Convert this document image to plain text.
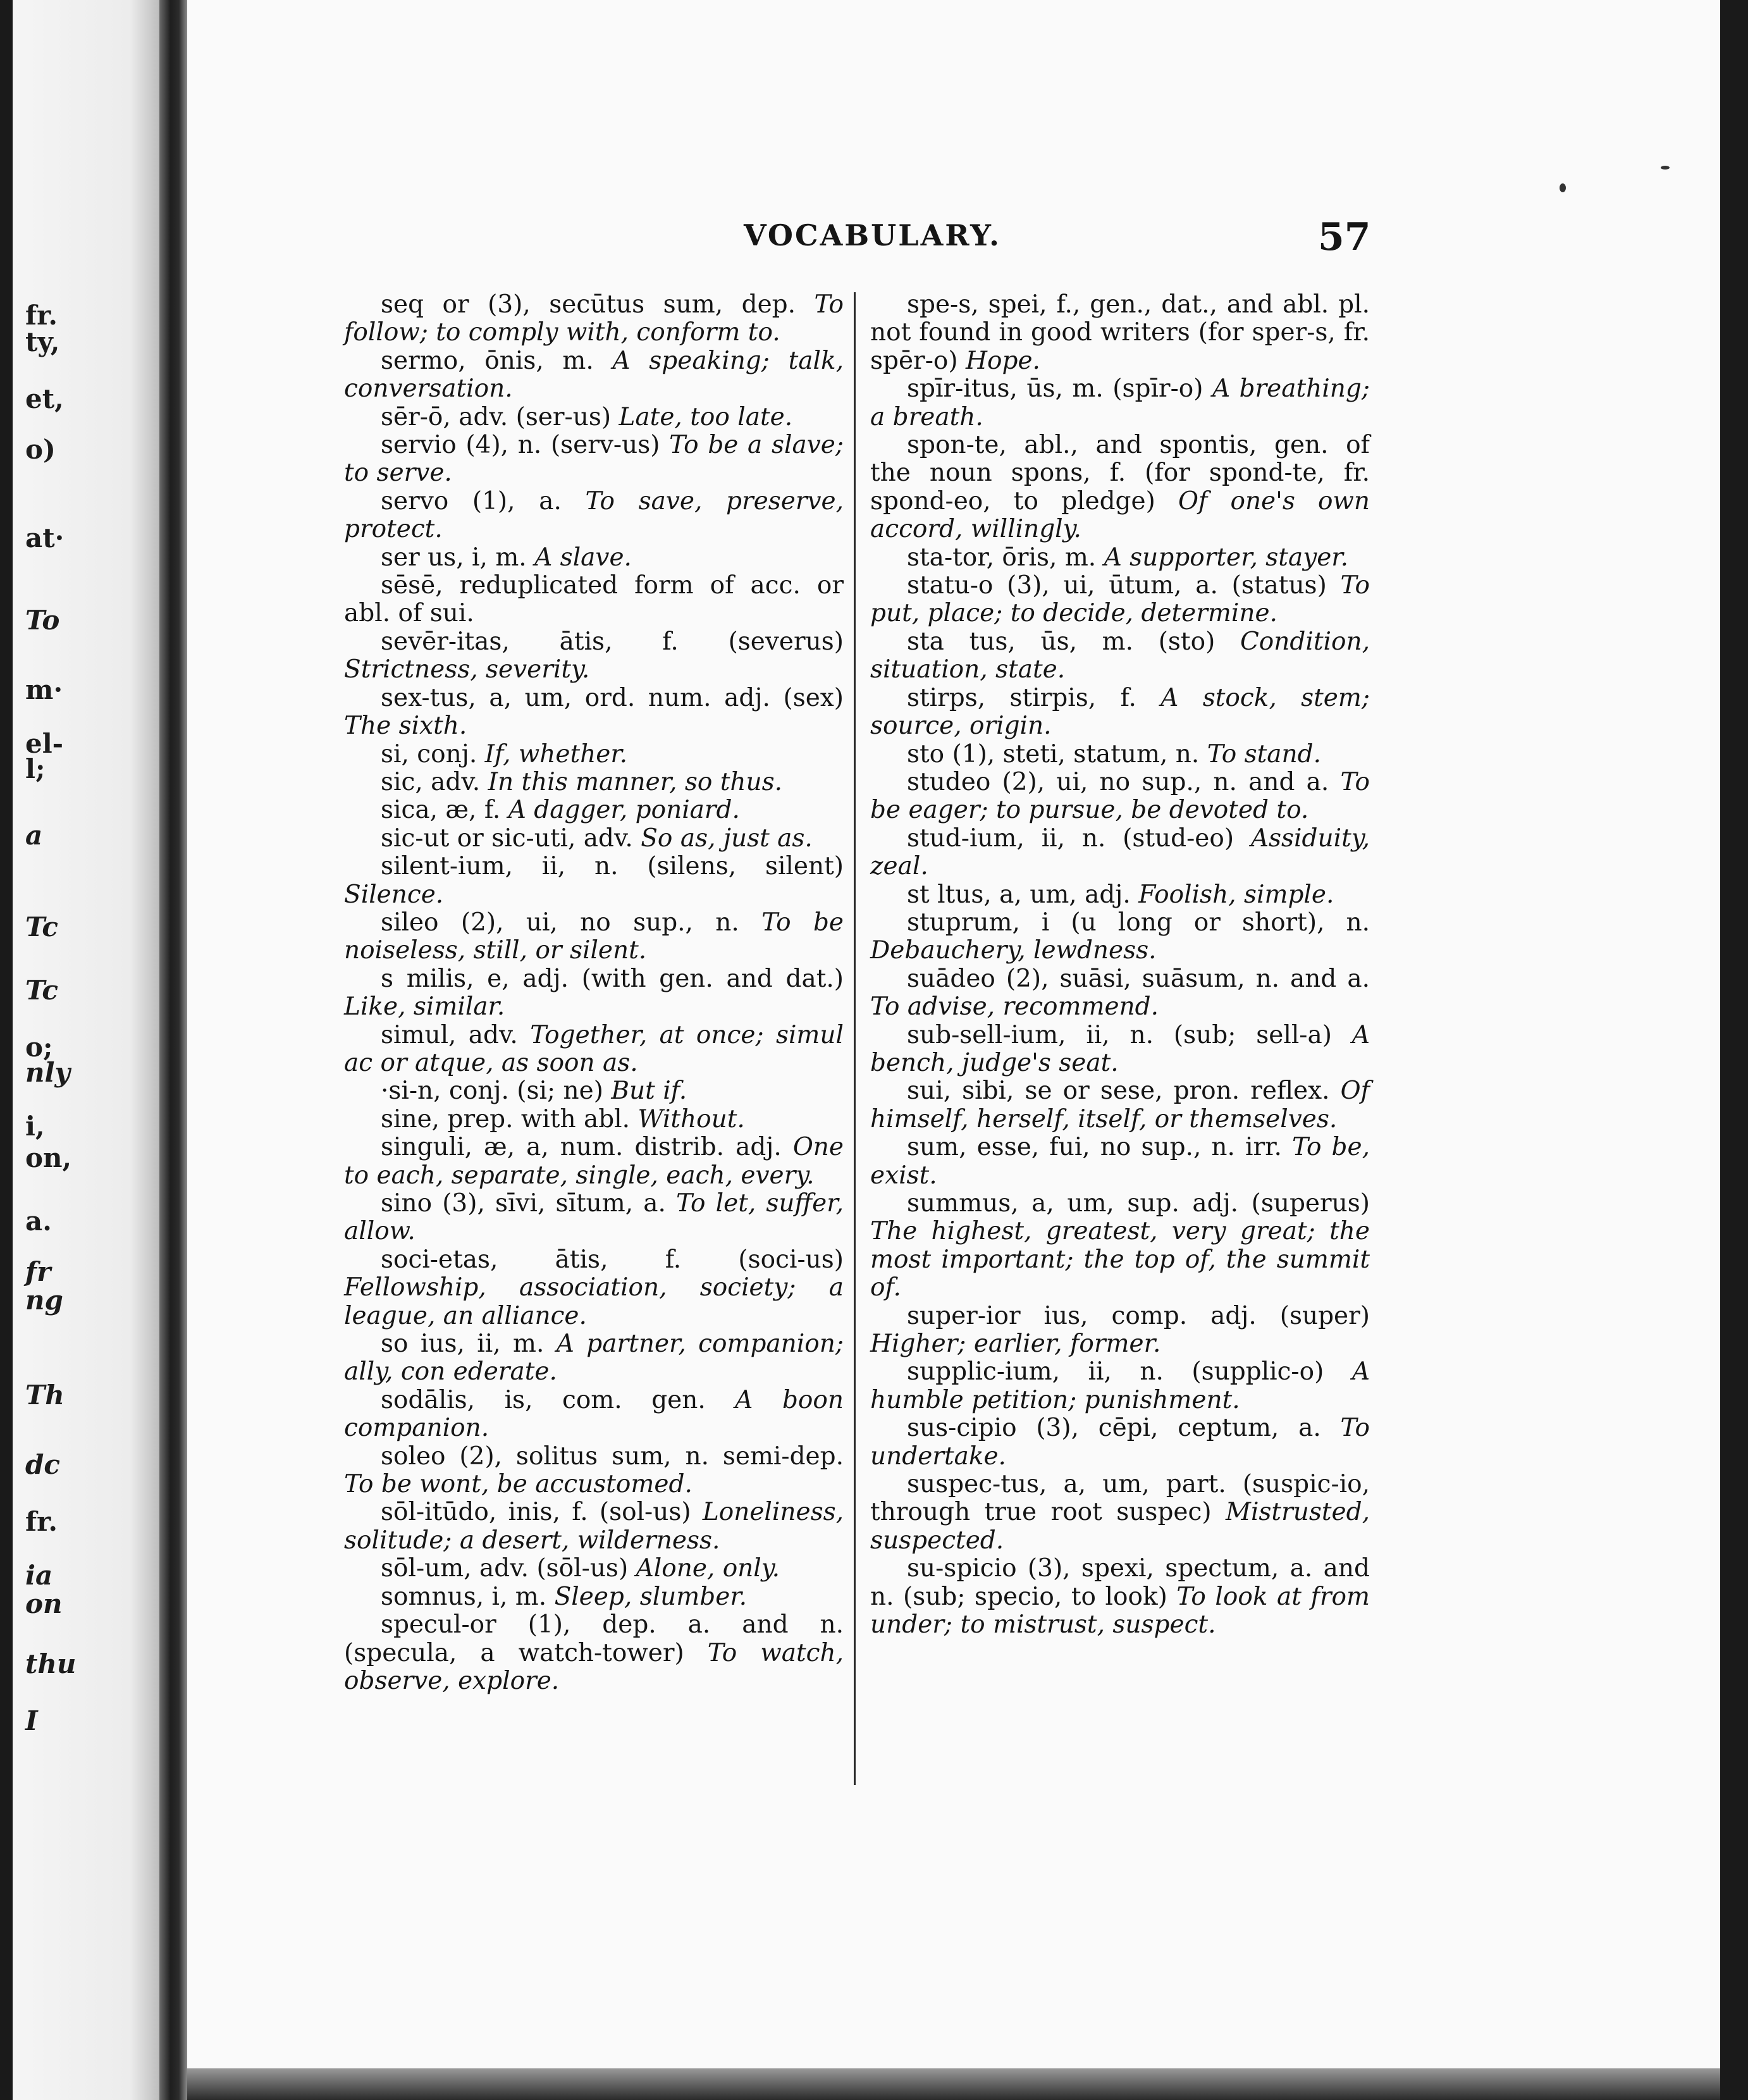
fr.
ty,
et,
o)
at·
To
m·
el-
l;
a
Tc
Tc
o;
nly
i,
on,
a.
fr
ng
Th
dc
fr.
ia
on
thu
I
VOCABULARY.	57

seq or (3), secūtus sum, dep. To follow; to comply with, conform to.

sermo, ōnis, m. A speaking; talk, conversation.

sēr-ō, adv. (ser-us) Late, too late.

servio (4), n. (serv-us) To be a slave; to serve.

servo (1), a. To save, preserve, protect.

ser us, i, m. A slave.

sēsē, reduplicated form of acc. or abl. of sui.

sevēr-itas, ātis, f. (severus) Strictness, severity.

sex-tus, a, um, ord. num. adj. (sex) The sixth.

si, conj. If, whether.

sic, adv. In this manner, so thus.

sica, æ, f. A dagger, poniard.

sic-ut or sic-uti, adv. So as, just as.

silent-ium, ii, n. (silens, silent) Silence.

sileo (2), ui, no sup., n. To be noiseless, still, or silent.

s milis, e, adj. (with gen. and dat.) Like, similar.

simul, adv. Together, at once; simul ac or atque, as soon as.

·si-n, conj. (si; ne) But if.

sine, prep. with abl. Without.

singuli, æ, a, num. distrib. adj. One to each, separate, single, each, every.

sino (3), sīvi, sītum, a. To let, suffer, allow.

soci-etas, ātis, f. (soci-us) Fellowship, association, society; a league, an alliance.

so ius, ii, m. A partner, companion; ally, con ederate.

sodālis, is, com. gen. A boon companion.

soleo (2), solitus sum, n. semi-dep. To be wont, be accustomed.

sōl-itūdo, inis, f. (sol-us) Loneliness, solitude; a desert, wilderness.

sōl-um, adv. (sōl-us) Alone, only.

somnus, i, m. Sleep, slumber.

specul-or (1), dep. a. and n. (specula, a watch-tower) To watch, observe, explore.

spe-s, spei, f., gen., dat., and abl. pl. not found in good writers (for sper-s, fr. spēr-o) Hope.

spīr-itus, ūs, m. (spīr-o) A breathing; a breath.

spon-te, abl., and spontis, gen. of the noun spons, f. (for spond-te, fr. spond-eo, to pledge) Of one's own accord, willingly.

sta-tor, ōris, m. A supporter, stayer.

statu-o (3), ui, ūtum, a. (status) To put, place; to decide, determine.

sta tus, ūs, m. (sto) Condition, situation, state.

stirps, stirpis, f. A stock, stem; source, origin.

sto (1), steti, statum, n. To stand.

studeo (2), ui, no sup., n. and a. To be eager; to pursue, be devoted to.

stud-ium, ii, n. (stud-eo) Assiduity, zeal.

st ltus, a, um, adj. Foolish, simple.

stuprum, i (u long or short), n. Debauchery, lewdness.

suādeo (2), suāsi, suāsum, n. and a. To advise, recommend.

sub-sell-ium, ii, n. (sub; sell-a) A bench, judge's seat.

sui, sibi, se or sese, pron. reflex. Of himself, herself, itself, or themselves.

sum, esse, fui, no sup., n. irr. To be, exist.

summus, a, um, sup. adj. (superus) The highest, greatest, very great; the most important; the top of, the summit of.

super-ior ius, comp. adj. (super) Higher; earlier, former.

supplic-ium, ii, n. (supplic-o) A humble petition; punishment.

sus-cipio (3), cēpi, ceptum, a. To undertake.

suspec-tus, a, um, part. (suspic-io, through true root suspec) Mistrusted, suspected.

su-spicio (3), spexi, spectum, a. and n. (sub; specio, to look) To look at from under; to mistrust, suspect.
